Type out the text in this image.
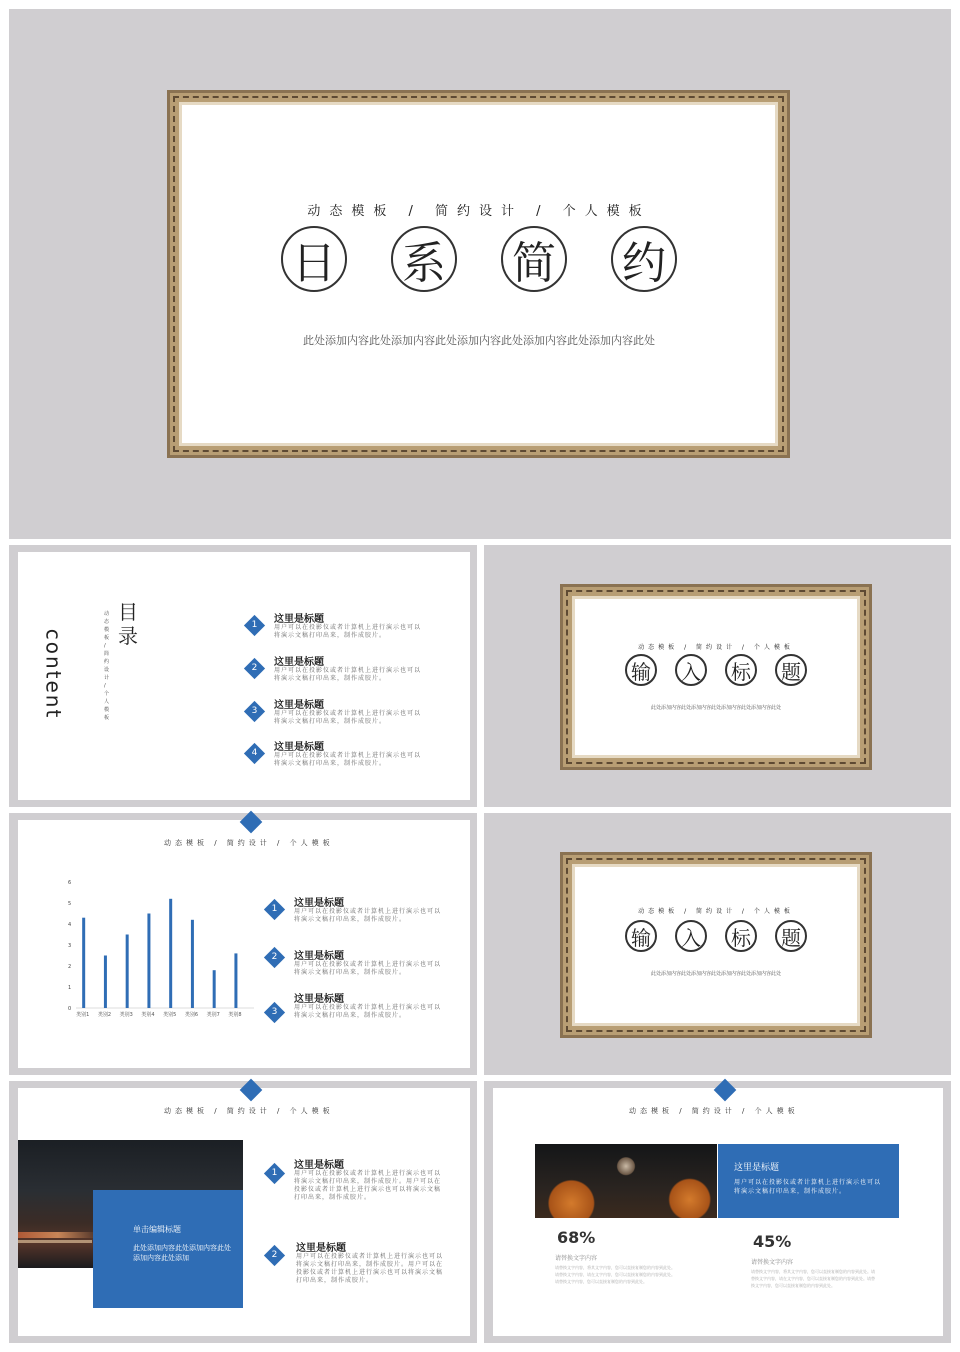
动态模板 / 简约设计 / 个人模板
日 系 简 约
此处添加内容此处添加内容此处添加内容此处添加内容此处添加内容此处
目录
content
动态模板 / 简约设计 / 个人模板
1	这里是标题
用户可以在投影仪或者计算机上进行演示也可以将演示文稿打印出来，制作成胶片。
2	这里是标题
用户可以在投影仪或者计算机上进行演示也可以将演示文稿打印出来，制作成胶片。
3	这里是标题
用户可以在投影仪或者计算机上进行演示也可以将演示文稿打印出来，制作成胶片。
4	这里是标题
用户可以在投影仪或者计算机上进行演示也可以将演示文稿打印出来，制作成胶片。
动态模板 / 简约设计 / 个人模板
输	入	标	题
此处添加内容此处添加内容此处添加内容此处添加内容此处
动态模板 / 简约设计 / 个人模板
0
1
2
3
4
5
6
类别1 类别2 类别3 类别4 类别5 类别6 类别7 类别8
1	这里是标题
用户可以在投影仪或者计算机上进行演示也可以将演示文稿打印出来，制作成胶片。
2	这里是标题
用户可以在投影仪或者计算机上进行演示也可以将演示文稿打印出来，制作成胶片。
3
这里是标题
用户可以在投影仪或者计算机上进行演示也可以将演示文稿打印出来，制作成胶片。
动态模板 / 简约设计 / 个人模板
输	入	标	题
此处添加内容此处添加内容此处添加内容此处添加内容此处
动态模板 / 简约设计 / 个人模板
单击编辑标题
此处添加内容此处添加内容此处添加内容此处添加
1
这里是标题
用户可以在投影仪或者计算机上进行演示也可以将演示文稿打印出来，制作成胶片。用户可以在投影仪或者计算机上进行演示也可以将演示文稿打印出来，制作成胶片。
2
这里是标题
用户可以在投影仪或者计算机上进行演示也可以将演示文稿打印出来，制作成胶片。用户可以在投影仪或者计算机上进行演示也可以将演示文稿打印出来，制作成胶片。
动态模板 / 简约设计 / 个人模板
这里是标题
用户可以在投影仪或者计算机上进行演示也可以将演示文稿打印出来，制作成胶片。
68%
请替换文字内容
请替换文字内容，将其文字内容，您可以直接复制您的内容到此处。请替换文字内容，请在文字内容，您可以直接复制您的内容到此处。请替换文字内容，您可以直接复制您的内容到此处。
45%
请替换文字内容
请替换文字内容，将其文字内容，您可以直接复制您的内容到此处。请替换文字内容，请在文字内容，您可以直接复制您的内容到此处。请替换文字内容，您可以直接复制您的内容到此处。
